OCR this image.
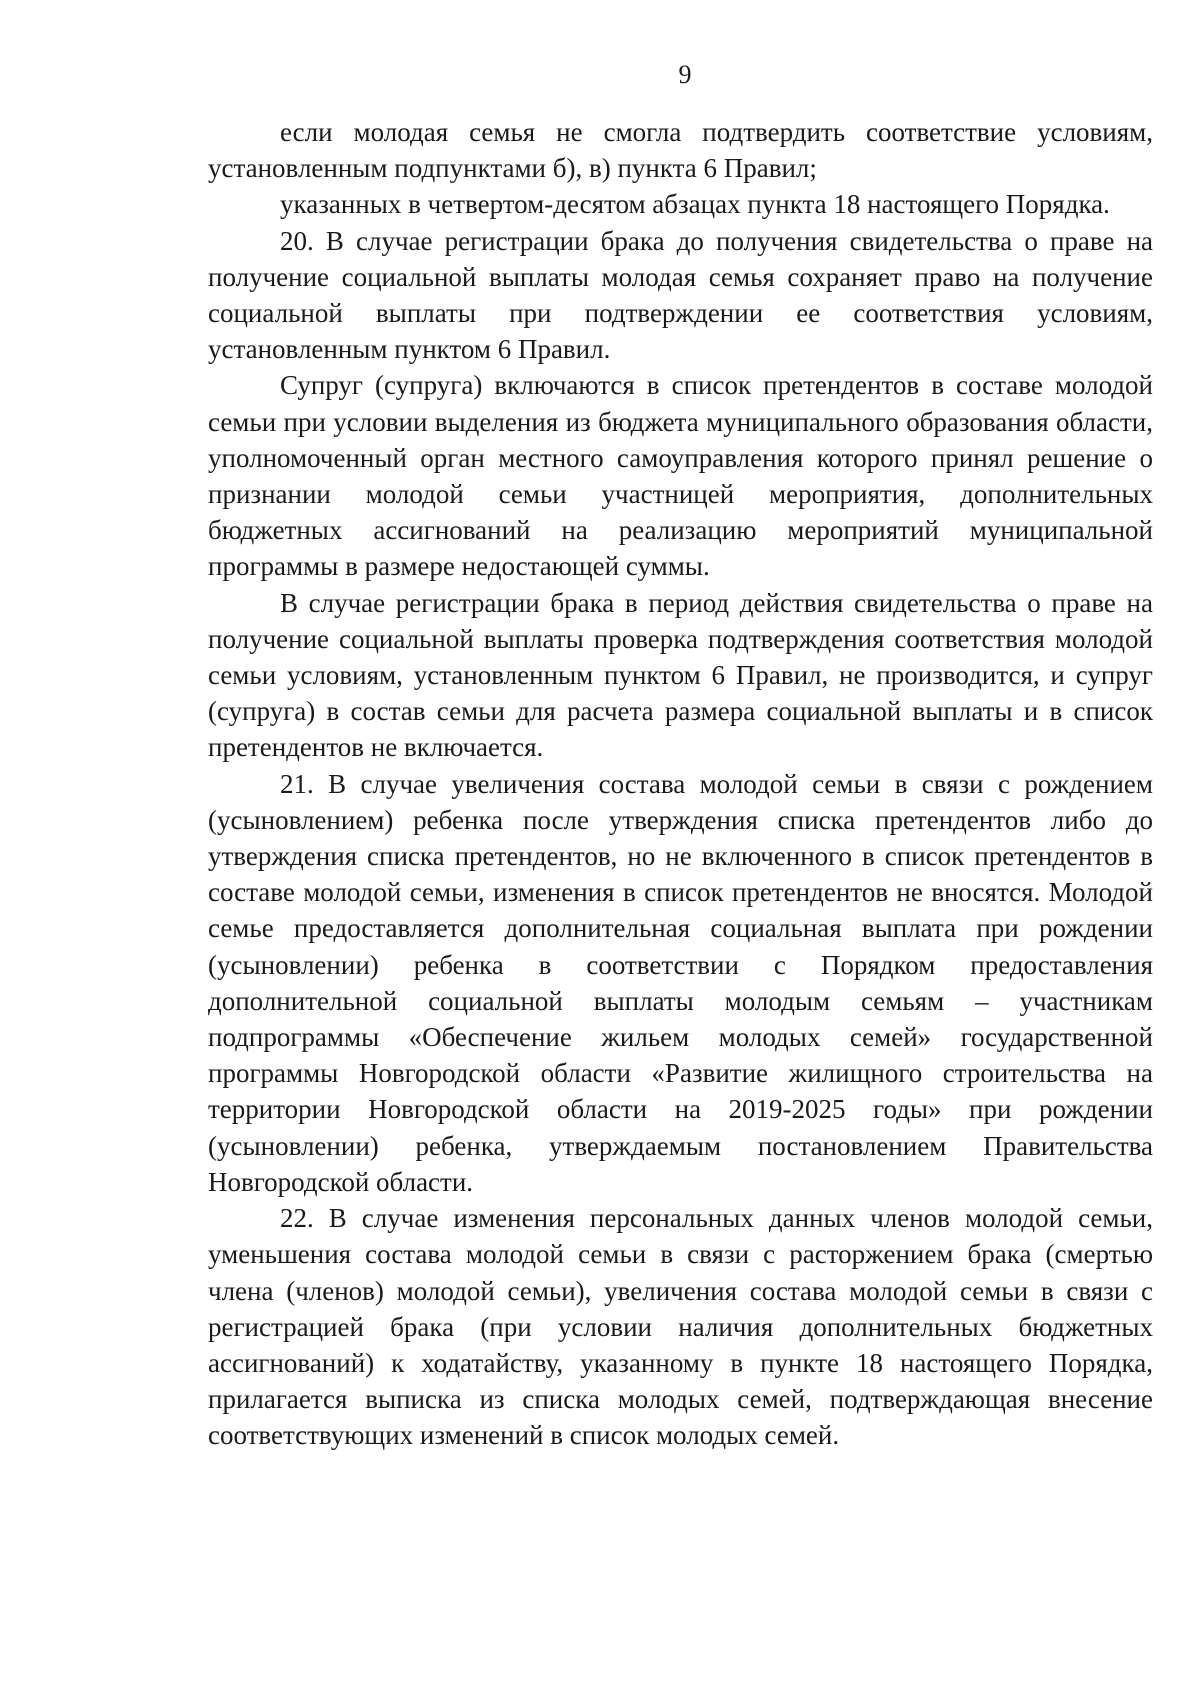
9

если молодая семья не смогла подтвердить соответствие условиям, установленным подпунктами б), в) пункта 6 Правил;

указанных в четвертом-десятом абзацах пункта 18 настоящего Порядка.

20. В случае регистрации брака до получения свидетельства о праве на получение социальной выплаты молодая семья сохраняет право на получение социальной выплаты при подтверждении ее соответствия условиям, установленным пунктом 6 Правил.

Супруг (супруга) включаются в список претендентов в составе молодой семьи при условии выделения из бюджета муниципального образования области, уполномоченный орган местного самоуправления которого принял решение о признании молодой семьи участницей мероприятия, дополнительных бюджетных ассигнований на реализацию мероприятий муниципальной программы в размере недостающей суммы.

В случае регистрации брака в период действия свидетельства о праве на получение социальной выплаты проверка подтверждения соответствия молодой семьи условиям, установленным пунктом 6 Правил, не производится, и супруг (супруга) в состав семьи для расчета размера социальной выплаты и в список претендентов не включается.

21. В случае увеличения состава молодой семьи в связи с рождением (усыновлением) ребенка после утверждения списка претендентов либо до утверждения списка претендентов, но не включенного в список претендентов в составе молодой семьи, изменения в список претендентов не вносятся. Молодой семье предоставляется дополнительная социальная выплата при рождении (усыновлении) ребенка в соответствии с Порядком предоставления дополнительной социальной выплаты молодым семьям – участникам подпрограммы «Обеспечение жильем молодых семей» государственной программы Новгородской области «Развитие жилищного строительства на территории Новгородской области на 2019-2025 годы» при рождении (усыновлении) ребенка, утверждаемым постановлением Правительства Новгородской области.

22. В случае изменения персональных данных членов молодой семьи, уменьшения состава молодой семьи в связи с расторжением брака (смертью члена (членов) молодой семьи), увеличения состава молодой семьи в связи с регистрацией брака (при условии наличия дополнительных бюджетных ассигнований) к ходатайству, указанному в пункте 18 настоящего Порядка, прилагается выписка из списка молодых семей, подтверждающая внесение соответствующих изменений в список молодых семей.
